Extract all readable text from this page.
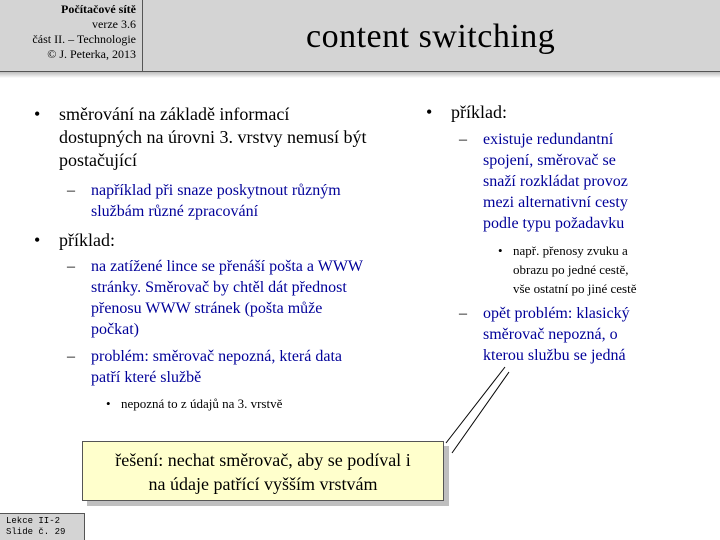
Počítačové sítě
verze 3.6
část II. – Technologie
© J. Peterka, 2013	content switching
• směrování na základě informací
dostupných na úrovni 3. vrstvy nemusí být
postačující
– například při snaze poskytnout různým
službám různé zpracování
• příklad:
– na zatížené lince se přenáší pošta a WWW
stránky. Směrovač by chtěl dát přednost
přenosu WWW stránek (pošta může
počkat)
– problém: směrovač nepozná, která data
patří které službě
• nepozná to z údajů na 3. vrstvě
• příklad:
– existuje redundantní
spojení, směrovač se
snaží rozkládat provoz
mezi alternativní cesty
podle typu požadavku
• např. přenosy zvuku a
obrazu po jedné cestě,
vše ostatní po jiné cestě
– opět problém: klasický
směrovač nepozná, o
kterou službu se jedná
řešení: nechat směrovač, aby se podíval i
na údaje patřící vyšším vrstvám
Lekce II-2
Slide č. 29
